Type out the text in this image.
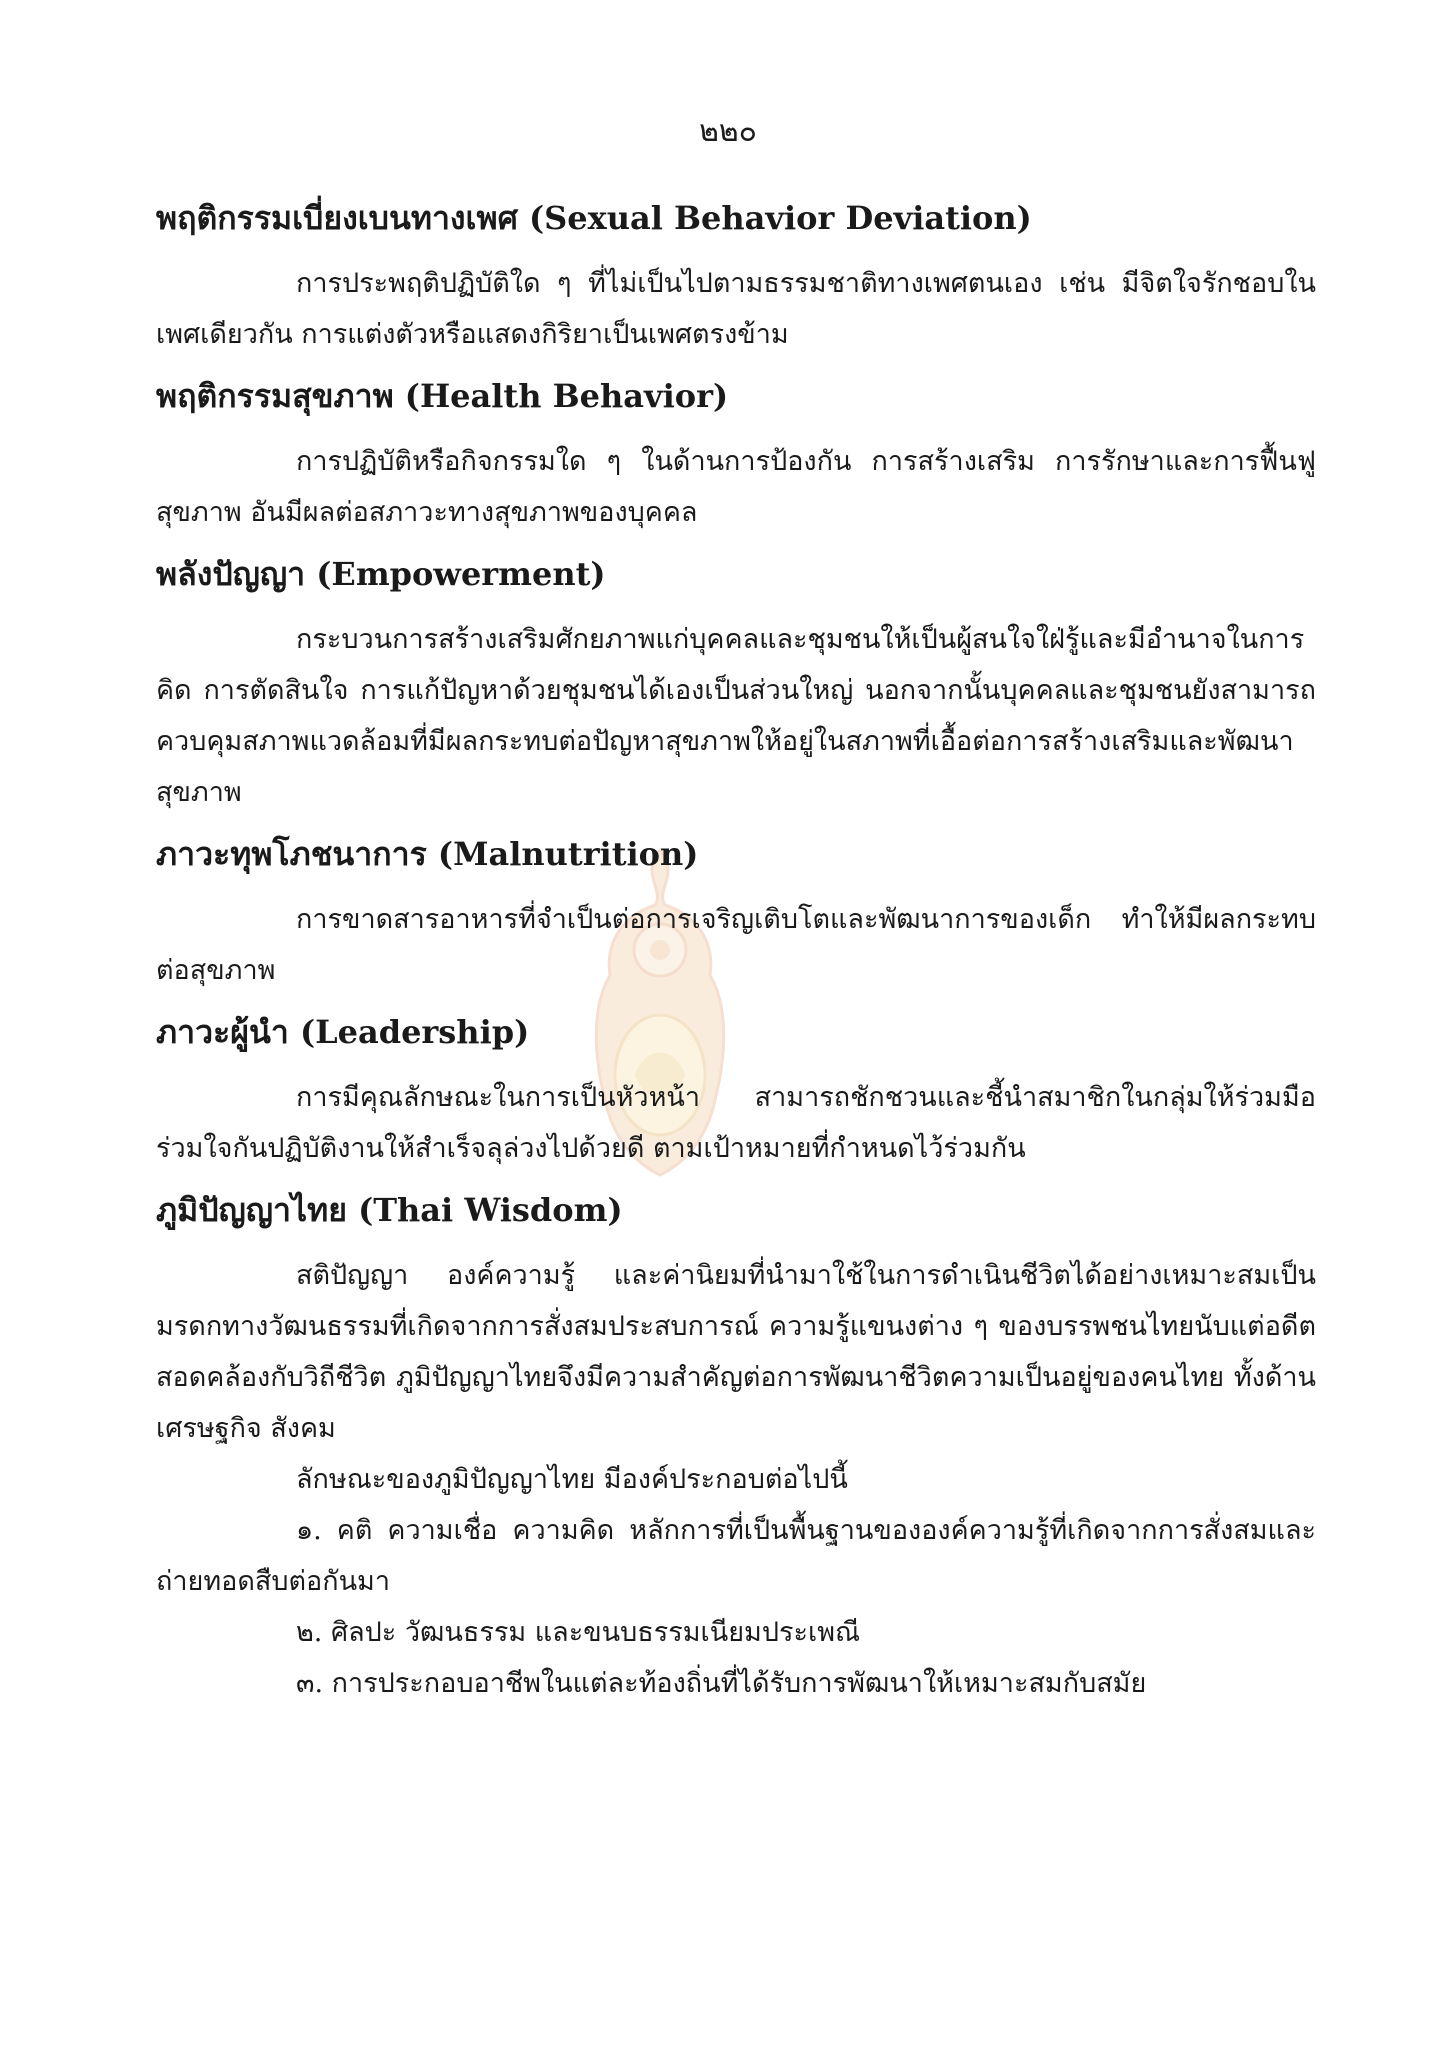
๒๒๐
พฤติกรรมเบี่ยงเบนทางเพศ (Sexual Behavior Deviation)

การประพฤติปฏิบัติใด ๆ ที่ไม่เป็นไปตามธรรมชาติทางเพศตนเอง เช่น มีจิตใจรักชอบในเพศเดียวกัน การแต่งตัวหรือแสดงกิริยาเป็นเพศตรงข้าม

พฤติกรรมสุขภาพ (Health Behavior)

การปฏิบัติหรือกิจกรรมใด ๆ ในด้านการป้องกัน การสร้างเสริม การรักษาและการฟื้นฟูสุขภาพ อันมีผลต่อสภาวะทางสุขภาพของบุคคล

พลังปัญญา (Empowerment)

กระบวนการสร้างเสริมศักยภาพแก่บุคคลและชุมชนให้เป็นผู้สนใจใฝ่รู้และมีอำนาจในการคิด การตัดสินใจ การแก้ปัญหาด้วยชุมชนได้เองเป็นส่วนใหญ่ นอกจากนั้นบุคคลและชุมชนยังสามารถควบคุมสภาพแวดล้อมที่มีผลกระทบต่อปัญหาสุขภาพให้อยู่ในสภาพที่เอื้อต่อการสร้างเสริมและพัฒนาสุขภาพ

ภาวะทุพโภชนาการ (Malnutrition)

การขาดสารอาหารที่จำเป็นต่อการเจริญเติบโตและพัฒนาการของเด็ก ทำให้มีผลกระทบต่อสุขภาพ

ภาวะผู้นำ (Leadership)

การมีคุณลักษณะในการเป็นหัวหน้า สามารถชักชวนและชี้นำสมาชิกในกลุ่มให้ร่วมมือร่วมใจกันปฏิบัติงานให้สำเร็จลุล่วงไปด้วยดี ตามเป้าหมายที่กำหนดไว้ร่วมกัน

ภูมิปัญญาไทย (Thai Wisdom)

สติปัญญา องค์ความรู้ และค่านิยมที่นำมาใช้ในการดำเนินชีวิตได้อย่างเหมาะสมเป็นมรดกทางวัฒนธรรมที่เกิดจากการสั่งสมประสบการณ์ ความรู้แขนงต่าง ๆ ของบรรพชนไทยนับแต่อดีต สอดคล้องกับวิถีชีวิต ภูมิปัญญาไทยจึงมีความสำคัญต่อการพัฒนาชีวิตความเป็นอยู่ของคนไทย ทั้งด้านเศรษฐกิจ สังคม

ลักษณะของภูมิปัญญาไทย มีองค์ประกอบต่อไปนี้

๑. คติ ความเชื่อ ความคิด หลักการที่เป็นพื้นฐานขององค์ความรู้ที่เกิดจากการสั่งสมและถ่ายทอดสืบต่อกันมา

๒. ศิลปะ วัฒนธรรม และขนบธรรมเนียมประเพณี

๓. การประกอบอาชีพในแต่ละท้องถิ่นที่ได้รับการพัฒนาให้เหมาะสมกับสมัย
